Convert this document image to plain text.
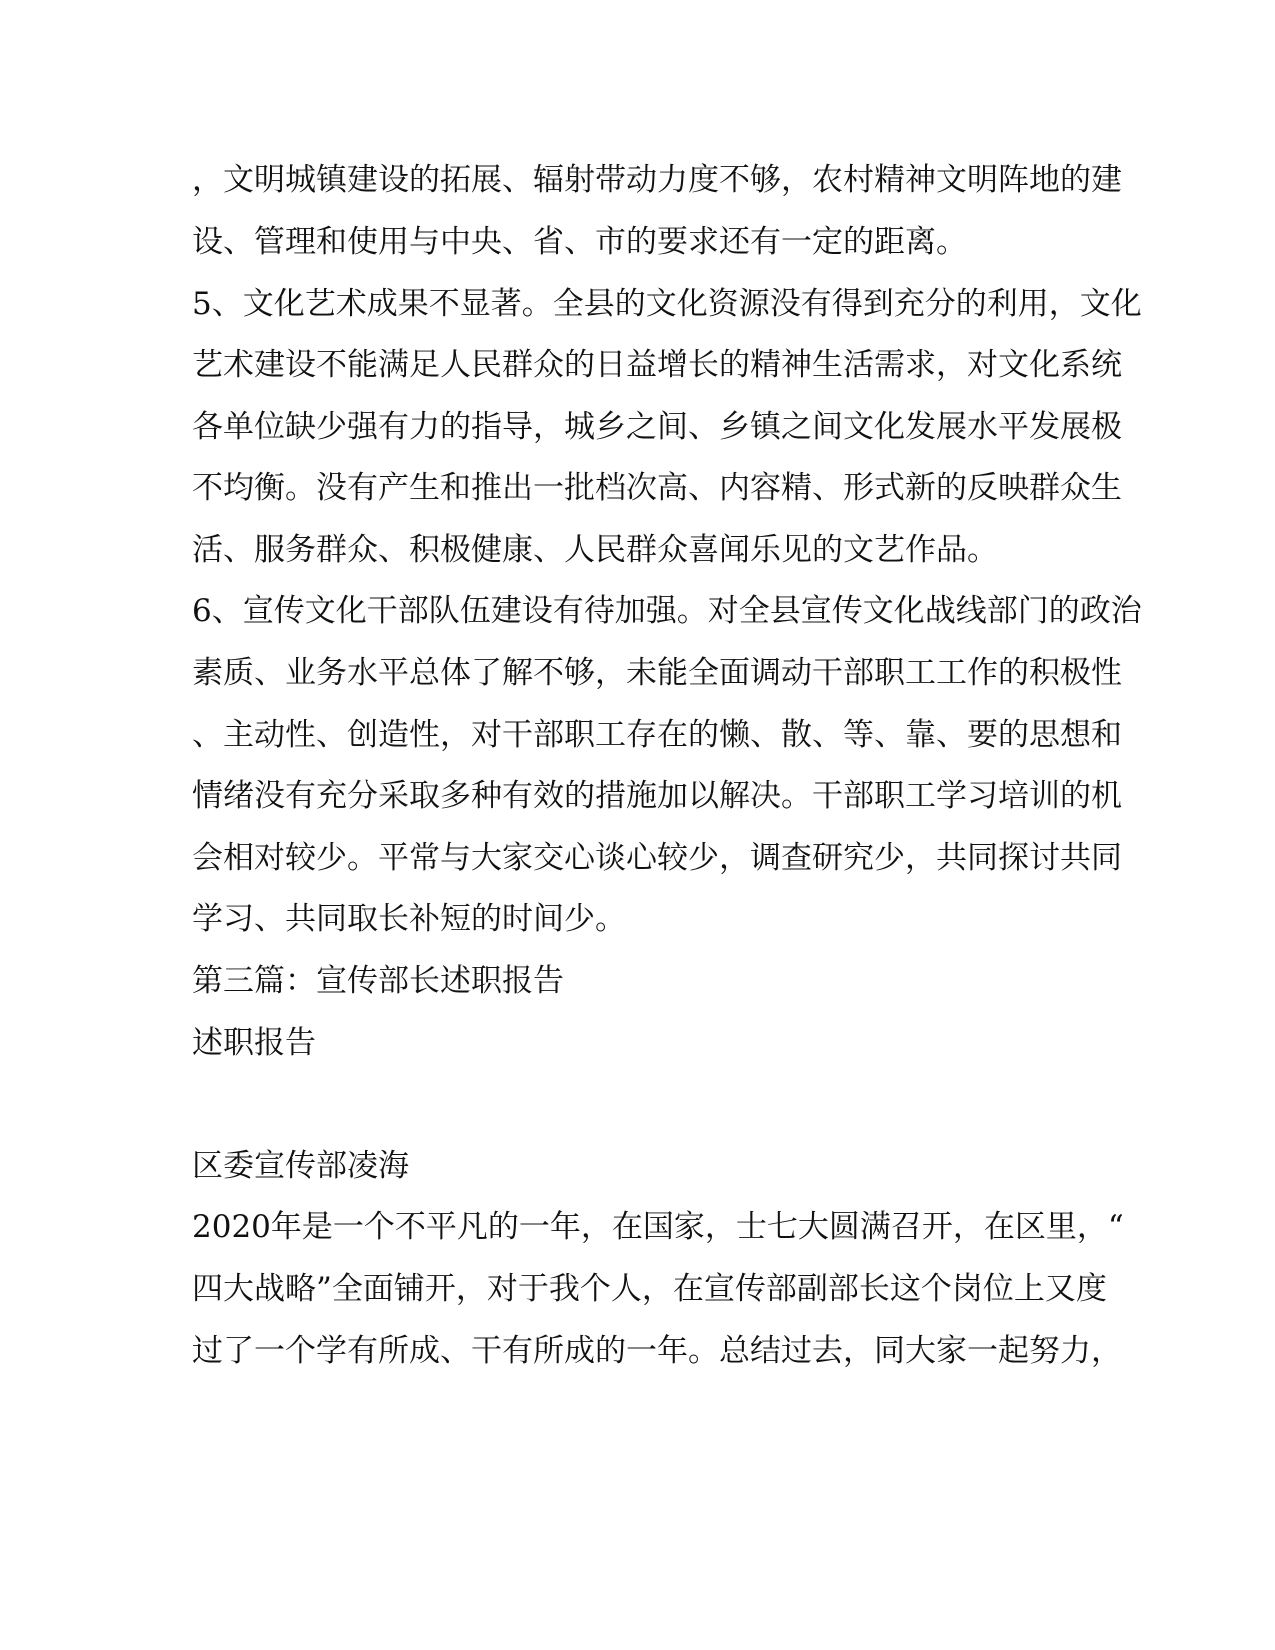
，文明城镇建设的拓展、辐射带动力度不够，农村精神文明阵地的建
设、管理和使用与中央、省、市的要求还有一定的距离。
5、文化艺术成果不显著。全县的文化资源没有得到充分的利用，文化
艺术建设不能满足人民群众的日益增长的精神生活需求，对文化系统
各单位缺少强有力的指导，城乡之间、乡镇之间文化发展水平发展极
不均衡。没有产生和推出一批档次高、内容精、形式新的反映群众生
活、服务群众、积极健康、人民群众喜闻乐见的文艺作品。
6、宣传文化干部队伍建设有待加强。对全县宣传文化战线部门的政治
素质、业务水平总体了解不够，未能全面调动干部职工工作的积极性
、主动性、创造性，对干部职工存在的懒、散、等、靠、要的思想和
情绪没有充分采取多种有效的措施加以解决。干部职工学习培训的机
会相对较少。平常与大家交心谈心较少，调查研究少，共同探讨共同
学习、共同取长补短的时间少。
第三篇：宣传部长述职报告
述职报告
区委宣传部凌海
2020年是一个不平凡的一年，在国家，士七大圆满召开，在区里，“
四大战略”全面铺开，对于我个人，在宣传部副部长这个岗位上又度
过了一个学有所成、干有所成的一年。总结过去，同大家一起努力，
